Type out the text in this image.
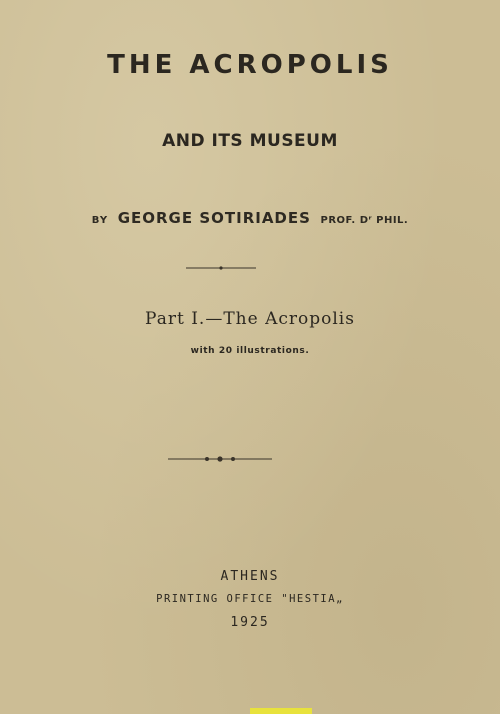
THE ACROPOLIS
AND ITS MUSEUM
BY GEORGE SOTIRIADES PROF. Dʳ PHIL.
Part I.—The Acropolis
with 20 illustrations.
ATHENS
PRINTING OFFICE "HESTIA„
1925
